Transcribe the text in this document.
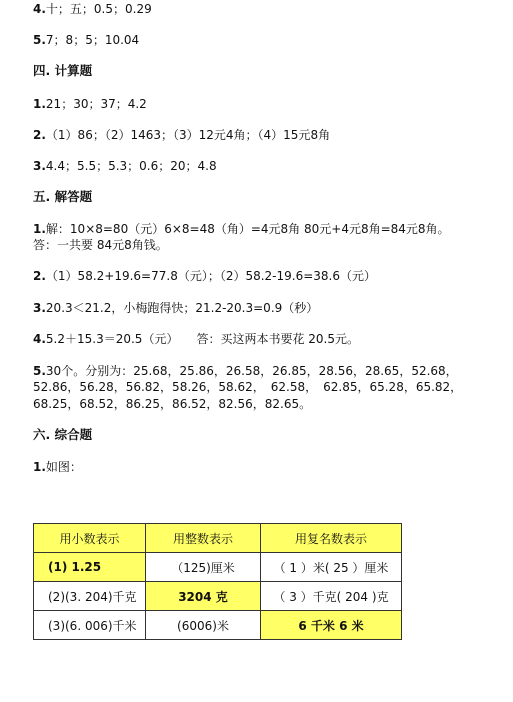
4.十；五；0.5；0.29
5.7；8；5；10.04
四. 计算题
1.21；30；37；4.2
2.（1）86；（2）1463；（3）12元4角；（4）15元8角
3.4.4；5.5；5.3；0.6；20；4.8
五. 解答题
1.解：10×8=80（元）6×8=48（角）=4元8角 80元+4元8角=84元8角。
答：一共要 84元8角钱。
2.（1）58.2+19.6=77.8（元）；（2）58.2-19.6=38.6（元）
3.20.3＜21.2，小梅跑得快；21.2-20.3=0.9（秒）
4.5.2＋15.3＝20.5（元）　　答：买这两本书要花 20.5元。
5.30个。分别为：25.68，25.86，26.58，26.85，28.56，28.65，52.68，
52.86，56.28，56.82，58.26，58.62，　62.58，　62.85，65.28，65.82，
68.25，68.52，86.25，86.52，82.56，82.65。
六. 综合题
1.如图：
用小数表示	用整数表示	用复名数表示
(1) 1.25	（125)厘米	（ 1 ）米( 25 ）厘米
(2)(3. 204)千克	3204 克	（ 3 ）千克( 204 )克
(3)(6. 006)千米	(6006)米	6 千米 6 米
